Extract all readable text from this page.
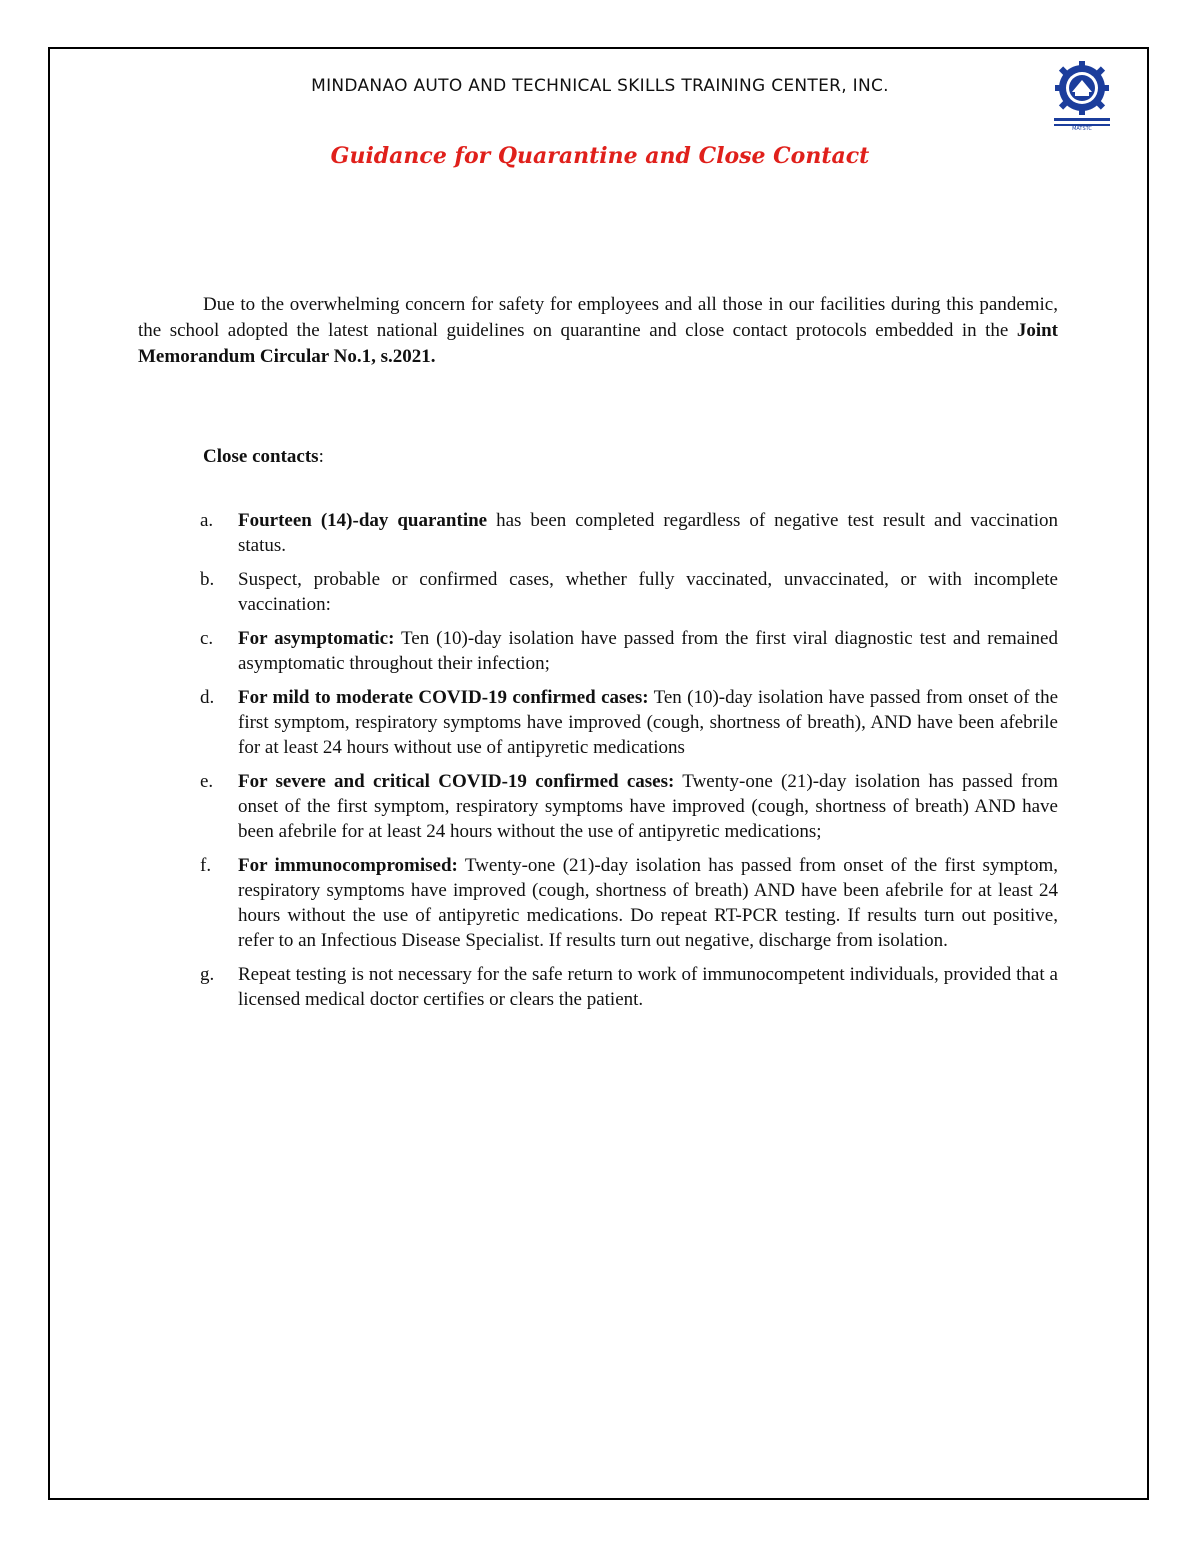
MINDANAO AUTO AND TECHNICAL SKILLS TRAINING CENTER, INC.
MATSTC
Guidance for Quarantine and Close Contact

Due to the overwhelming concern for safety for employees and all those in our facilities during this pandemic, the school adopted the latest national guidelines on quarantine and close contact protocols embedded in the Joint Memorandum Circular No.1, s.2021.

Close contacts:

a. Fourteen (14)-day quarantine has been completed regardless of negative test result and vaccination status.
b. Suspect, probable or confirmed cases, whether fully vaccinated, unvaccinated, or with incomplete vaccination:
c. For asymptomatic: Ten (10)-day isolation have passed from the first viral diagnostic test and remained asymptomatic throughout their infection;
d. For mild to moderate COVID-19 confirmed cases: Ten (10)-day isolation have passed from onset of the first symptom, respiratory symptoms have improved (cough, shortness of breath), AND have been afebrile for at least 24 hours without use of antipyretic medications
e. For severe and critical COVID-19 confirmed cases: Twenty-one (21)-day isolation has passed from onset of the first symptom, respiratory symptoms have improved (cough, shortness of breath) AND have been afebrile for at least 24 hours without the use of antipyretic medications;
f. For immunocompromised: Twenty-one (21)-day isolation has passed from onset of the first symptom, respiratory symptoms have improved (cough, shortness of breath) AND have been afebrile for at least 24 hours without the use of antipyretic medications. Do repeat RT-PCR testing. If results turn out positive, refer to an Infectious Disease Specialist. If results turn out negative, discharge from isolation.
g. Repeat testing is not necessary for the safe return to work of immunocompetent individuals, provided that a licensed medical doctor certifies or clears the patient.
